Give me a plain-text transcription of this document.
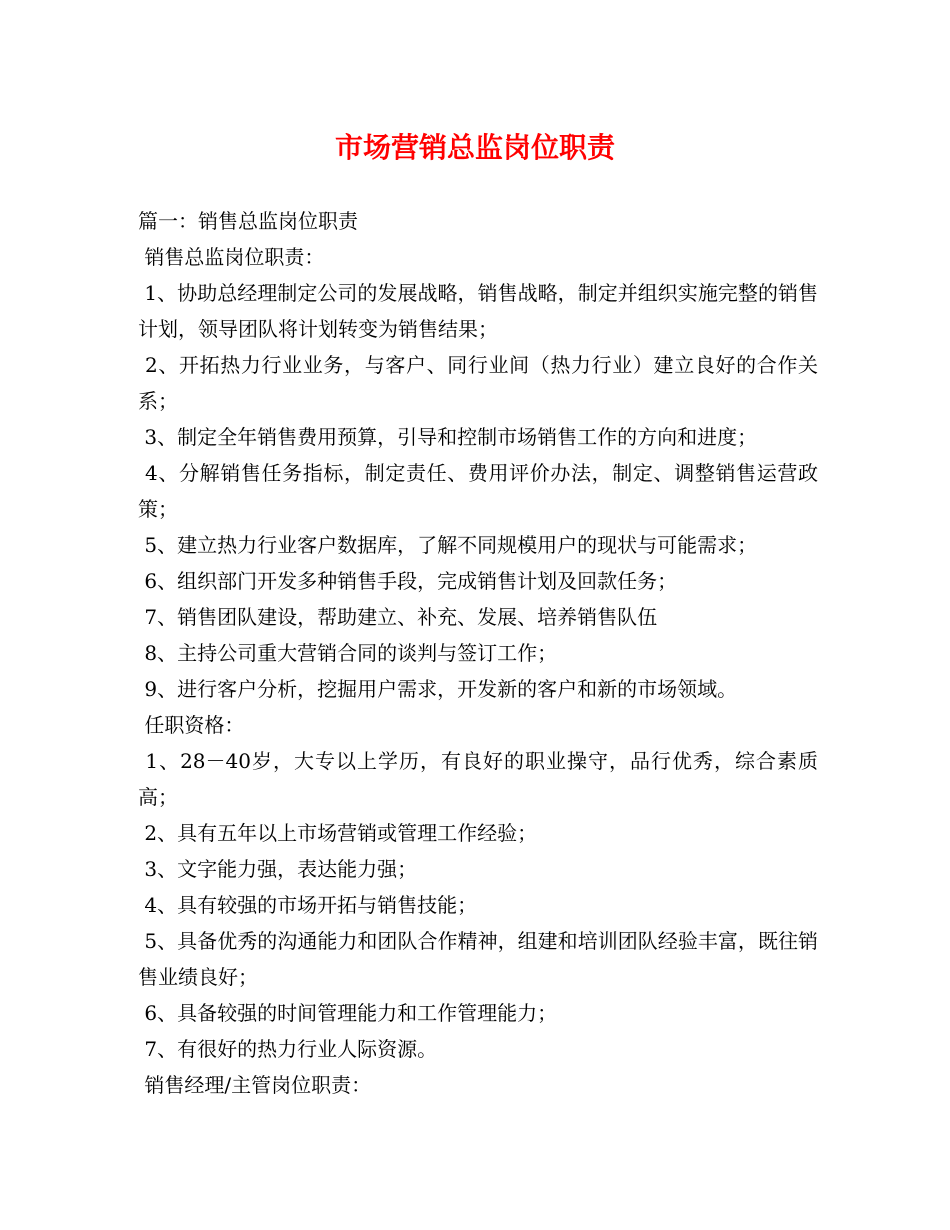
市场营销总监岗位职责

篇一：销售总监岗位职责

销售总监岗位职责：

1、协助总经理制定公司的发展战略，销售战略，制定并组织实施完整的销售计划，领导团队将计划转变为销售结果；

2、开拓热力行业业务，与客户、同行业间（热力行业）建立良好的合作关系；

3、制定全年销售费用预算，引导和控制市场销售工作的方向和进度；

4、分解销售任务指标，制定责任、费用评价办法，制定、调整销售运营政策；

5、建立热力行业客户数据库，了解不同规模用户的现状与可能需求；

6、组织部门开发多种销售手段，完成销售计划及回款任务；

7、销售团队建设，帮助建立、补充、发展、培养销售队伍

8、主持公司重大营销合同的谈判与签订工作；

9、进行客户分析，挖掘用户需求，开发新的客户和新的市场领域。

任职资格：

1、28－40岁，大专以上学历，有良好的职业操守，品行优秀，综合素质高；

2、具有五年以上市场营销或管理工作经验；

3、文字能力强，表达能力强；

4、具有较强的市场开拓与销售技能；

5、具备优秀的沟通能力和团队合作精神，组建和培训团队经验丰富，既往销售业绩良好；

6、具备较强的时间管理能力和工作管理能力；

7、有很好的热力行业人际资源。

销售经理/主管岗位职责：
